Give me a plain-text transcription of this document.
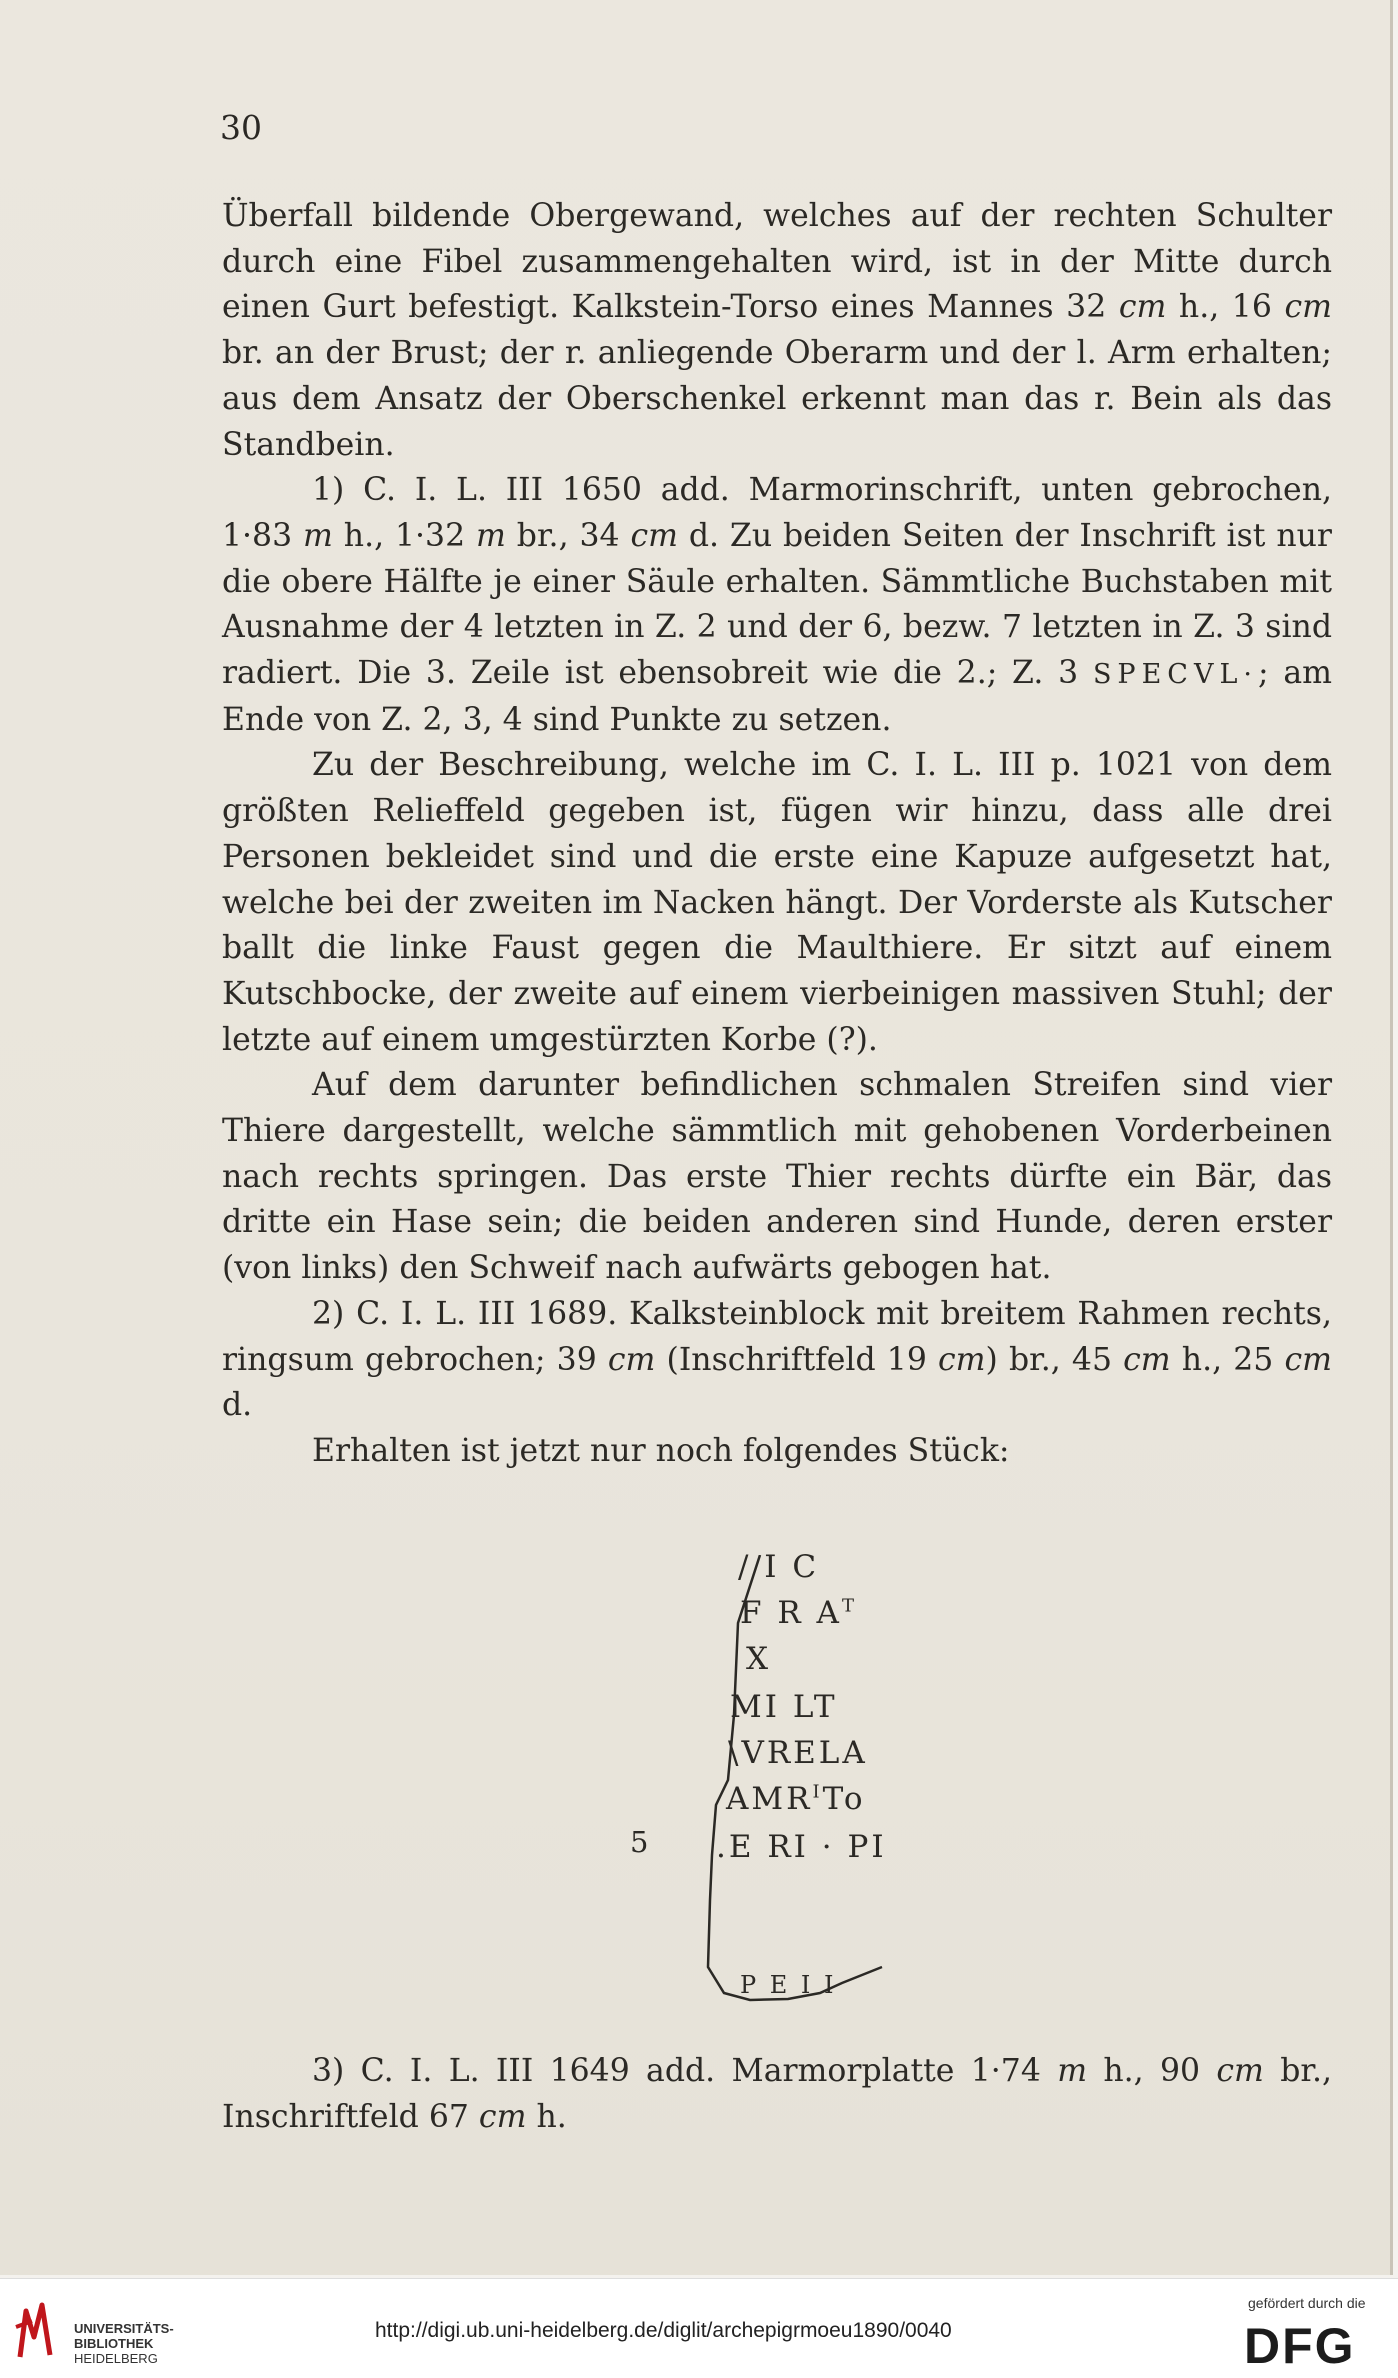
30

Überfall bildende Obergewand, welches auf der rechten Schulter durch eine Fibel zusammengehalten wird, ist in der Mitte durch einen Gurt befestigt. Kalkstein-Torso eines Mannes 32 cm h., 16 cm br. an der Brust; der r. anliegende Oberarm und der l. Arm erhalten; aus dem Ansatz der Oberschenkel erkennt man das r. Bein als das Standbein.

1) C. I. L. III 1650 add. Marmorinschrift, unten gebrochen, 1·83 m h., 1·32 m br., 34 cm d. Zu beiden Seiten der Inschrift ist nur die obere Hälfte je einer Säule erhalten. Sämmtliche Buchstaben mit Ausnahme der 4 letzten in Z. 2 und der 6, bezw. 7 letzten in Z. 3 sind radiert. Die 3. Zeile ist ebensobreit wie die 2.; Z. 3 SPECVL·; am Ende von Z. 2, 3, 4 sind Punkte zu setzen.

Zu der Beschreibung, welche im C. I. L. III p. 1021 von dem größten Relieffeld gegeben ist, fügen wir hinzu, dass alle drei Personen bekleidet sind und die erste eine Kapuze aufgesetzt hat, welche bei der zweiten im Nacken hängt. Der Vorderste als Kutscher ballt die linke Faust gegen die Maulthiere. Er sitzt auf einem Kutschbocke, der zweite auf einem vierbeinigen massiven Stuhl; der letzte auf einem umgestürzten Korbe (?).

Auf dem darunter befindlichen schmalen Streifen sind vier Thiere dargestellt, welche sämmtlich mit gehobenen Vorderbeinen nach rechts springen. Das erste Thier rechts dürfte ein Bär, das dritte ein Hase sein; die beiden anderen sind Hunde, deren erster (von links) den Schweif nach aufwärts gebogen hat.

2) C. I. L. III 1689. Kalksteinblock mit breitem Rahmen rechts, ringsum gebrochen; 39 cm (Inschriftfeld 19 cm) br., 45 cm h., 25 cm d.

Erhalten ist jetzt nur noch folgendes Stück:

5
/ I C
F R $A^T$
X
ΜI LT
\VRELA
$AMR^ITo$
.E RI · PI
P E I I

3) C. I. L. III 1649 add. Marmorplatte 1·74 m h., 90 cm br., Inschriftfeld 67 cm h.

UNIVERSITÄTS-
BIBLIOTHEK
HEIDELBERG
http://digi.ub.uni-heidelberg.de/diglit/archepigrmoeu1890/0040
gefördert durch die
DFG
